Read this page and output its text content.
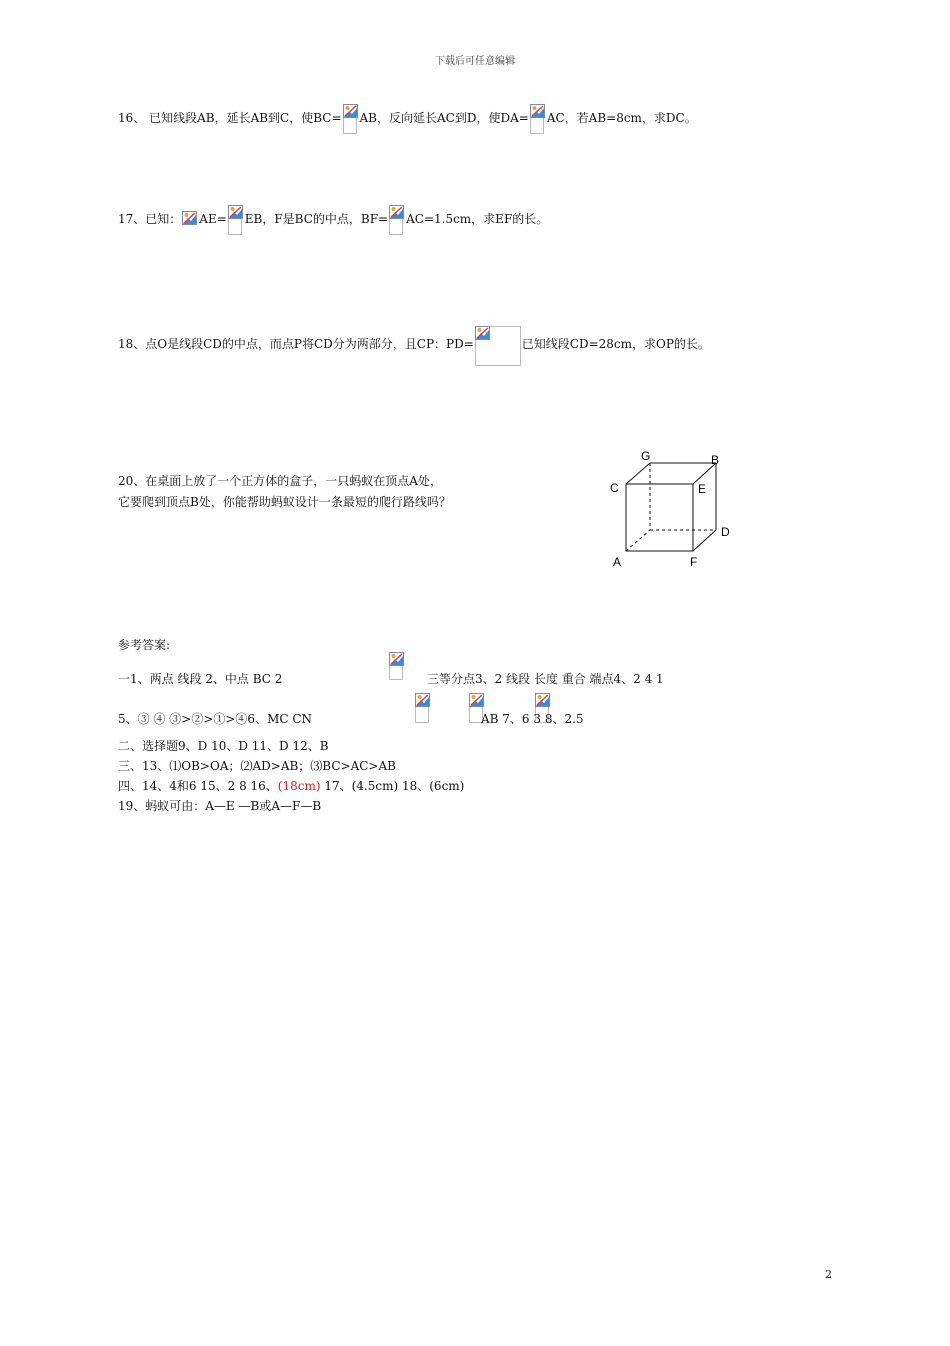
下载后可任意编辑
16、 已知线段AB，延长AB到C，使BC= AB，反向延长AC到D，使DA= AC，若AB=8cm，求DC。
17、已知： AE= EB，F是BC的中点，BF= AC=1.5cm，求EF的长。
18、点O是线段CD的中点，而点P将CD分为两部分，且CP：PD=	已知线段CD=28cm，求OP的长。
20、在桌面上放了一个正方体的盒子，一只蚂蚁在顶点A处，
它要爬到顶点B处，你能帮助蚂蚁设计一条最短的爬行路线吗？
G	B
C	E
D
A	F
参考答案:
一1、两点 线段 2、中点 BC 2
	三等分点3、2 线段 长度 重合 端点4、2 4 1
5、③ ④ ③>②>①>④6、MC CN

	AB 7、6 3 8、2.5
二、选择题9、D 10、D 11、D 12、B
三、13、⑴OB>OA；⑵AD>AB；⑶BC>AC>AB
四、14、4和6 15、2 8 16、(18cm) 17、(4.5cm) 18、(6cm)
19、蚂蚁可由：A—E —B或A—F—B
2
